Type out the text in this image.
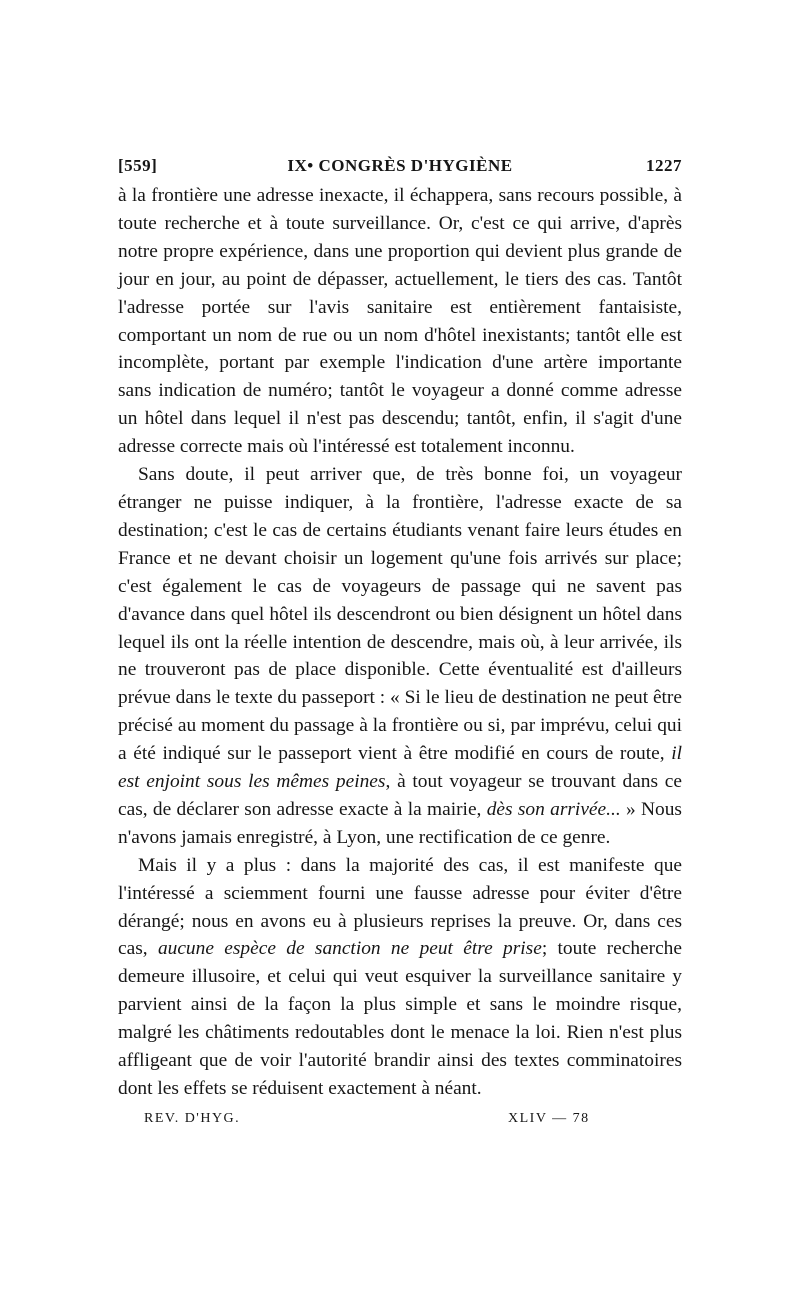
[559]	IX• CONGRÈS D'HYGIÈNE	1227

à la frontière une adresse inexacte, il échappera, sans recours possible, à toute recherche et à toute surveillance. Or, c'est ce qui arrive, d'après notre propre expérience, dans une proportion qui devient plus grande de jour en jour, au point de dépasser, actuellement, le tiers des cas. Tantôt l'adresse portée sur l'avis sanitaire est entièrement fantaisiste, comportant un nom de rue ou un nom d'hôtel inexistants; tantôt elle est incomplète, portant par exemple l'indication d'une artère importante sans indication de numéro; tantôt le voyageur a donné comme adresse un hôtel dans lequel il n'est pas descendu; tantôt, enfin, il s'agit d'une adresse correcte mais où l'intéressé est totalement inconnu.

Sans doute, il peut arriver que, de très bonne foi, un voyageur étranger ne puisse indiquer, à la frontière, l'adresse exacte de sa destination; c'est le cas de certains étudiants venant faire leurs études en France et ne devant choisir un logement qu'une fois arrivés sur place; c'est également le cas de voyageurs de passage qui ne savent pas d'avance dans quel hôtel ils descendront ou bien désignent un hôtel dans lequel ils ont la réelle intention de descendre, mais où, à leur arrivée, ils ne trouveront pas de place disponible. Cette éventualité est d'ailleurs prévue dans le texte du passeport : « Si le lieu de destination ne peut être précisé au moment du passage à la frontière ou si, par imprévu, celui qui a été indiqué sur le passeport vient à être modifié en cours de route, il est enjoint sous les mêmes peines, à tout voyageur se trouvant dans ce cas, de déclarer son adresse exacte à la mairie, dès son arrivée... » Nous n'avons jamais enregistré, à Lyon, une rectification de ce genre.

Mais il y a plus : dans la majorité des cas, il est manifeste que l'intéressé a sciemment fourni une fausse adresse pour éviter d'être dérangé; nous en avons eu à plusieurs reprises la preuve. Or, dans ces cas, aucune espèce de sanction ne peut être prise; toute recherche demeure illusoire, et celui qui veut esquiver la surveillance sanitaire y parvient ainsi de la façon la plus simple et sans le moindre risque, malgré les châtiments redoutables dont le menace la loi. Rien n'est plus affligeant que de voir l'autorité brandir ainsi des textes comminatoires dont les effets se réduisent exactement à néant.

REV. D'HYG.	XLIV — 78
